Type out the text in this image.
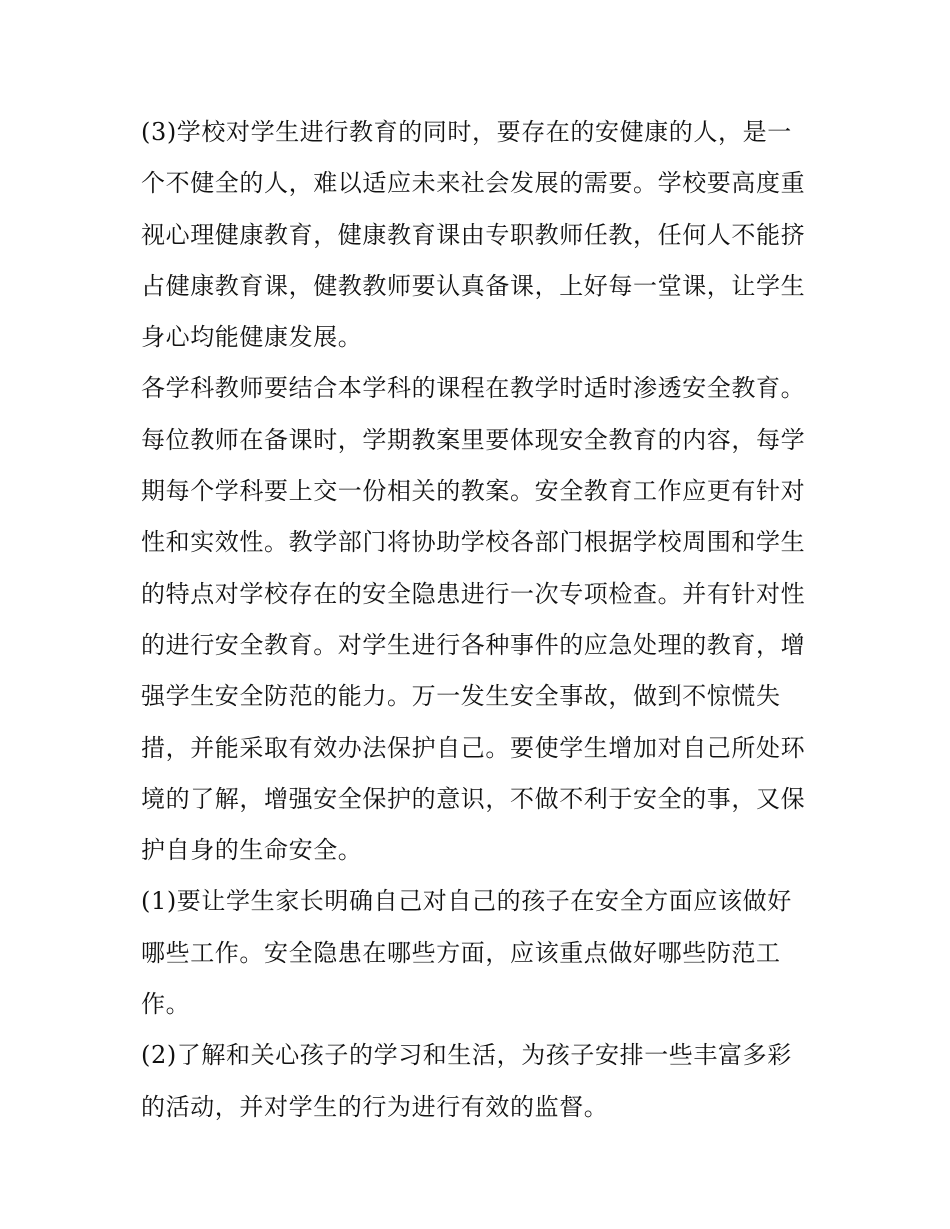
(3)学校对学生进行教育的同时，要存在的安健康的人，是一
个不健全的人，难以适应未来社会发展的需要。学校要高度重
视心理健康教育，健康教育课由专职教师任教，任何人不能挤
占健康教育课，健教教师要认真备课，上好每一堂课，让学生
身心均能健康发展。
各学科教师要结合本学科的课程在教学时适时渗透安全教育。
每位教师在备课时，学期教案里要体现安全教育的内容，每学
期每个学科要上交一份相关的教案。安全教育工作应更有针对
性和实效性。教学部门将协助学校各部门根据学校周围和学生
的特点对学校存在的安全隐患进行一次专项检查。并有针对性
的进行安全教育。对学生进行各种事件的应急处理的教育，增
强学生安全防范的能力。万一发生安全事故，做到不惊慌失
措，并能采取有效办法保护自己。要使学生增加对自己所处环
境的了解，增强安全保护的意识，不做不利于安全的事，又保
护自身的生命安全。
(1)要让学生家长明确自己对自己的孩子在安全方面应该做好
哪些工作。安全隐患在哪些方面，应该重点做好哪些防范工
作。
(2)了解和关心孩子的学习和生活，为孩子安排一些丰富多彩
的活动，并对学生的行为进行有效的监督。
